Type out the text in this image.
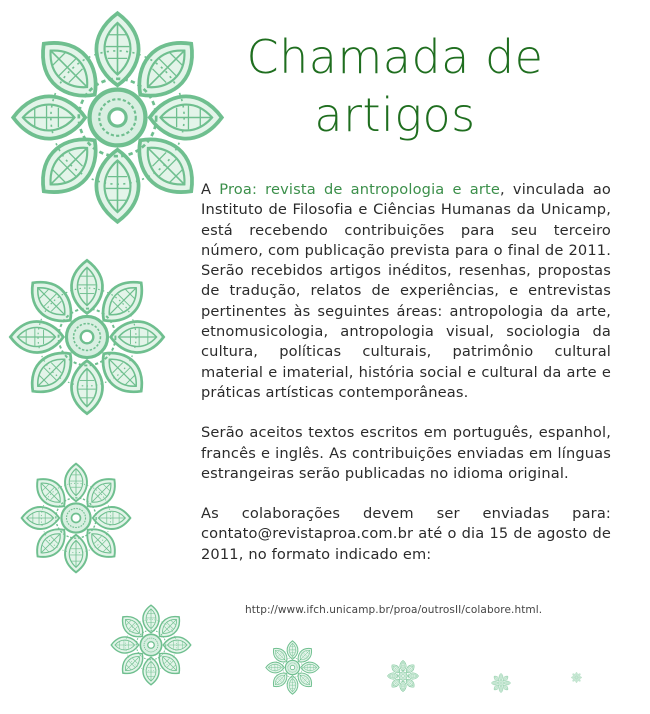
Chamada de
artigos

A Proa: revista de antropologia e arte, vinculada ao Instituto de Filosofia e Ciências Humanas da Unicamp, está recebendo contribuições para seu terceiro número, com publicação prevista para o final de 2011. Serão recebidos artigos inéditos, resenhas, propostas de tradução, relatos de experiências, e entrevistas pertinentes às seguintes áreas: antropologia da arte, etnomusicologia, antropologia visual, sociologia da cultura, políticas culturais, patrimônio cultural material e imaterial, história social e cultural da arte e práticas artísticas contemporâneas.

Serão aceitos textos escritos em português, espanhol, francês e inglês. As contribuições enviadas em línguas estrangeiras serão publicadas no idioma original.

As colaborações devem ser enviadas para: contato@revistaproa.com.br até o dia 15 de agosto de 2011, no formato indicado em:

http://www.ifch.unicamp.br/proa/outrosII/colabore.html.
